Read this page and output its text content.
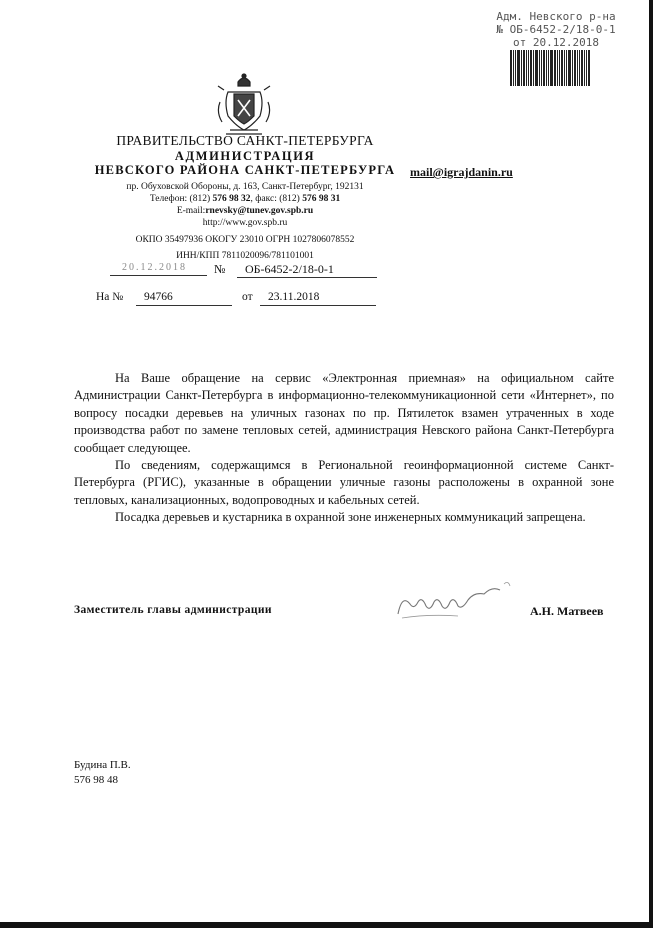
Адм. Невского р-на
№ ОБ-6452-2/18-0-1
от 20.12.2018
ПРАВИТЕЛЬСТВО САНКТ-ПЕТЕРБУРГА
АДМИНИСТРАЦИЯ
НЕВСКОГО РАЙОНА САНКТ-ПЕТЕРБУРГА
пр. Обуховской Обороны, д. 163, Санкт-Петербург, 192131
Телефон: (812) 576 98 32, факс: (812) 576 98 31
E-mail:rnevsky@tunev.gov.spb.ru
http://www.gov.spb.ru
ОКПО 35497936 ОКОГУ 23010 ОГРН 1027806078552
ИНН/КПП 7811020096/781101001
mail@igrajdanin.ru
20.12.2018	№	ОБ-6452-2/18-0-1
На №	94766	от	23.11.2018

На Ваше обращение на сервис «Электронная приемная» на официальном сайте Администрации Санкт-Петербурга в информационно-телекоммуникационной сети «Интернет», по вопросу посадки деревьев на уличных газонах по пр. Пятилеток взамен утраченных в ходе производства работ по замене тепловых сетей, администрация Невского района Санкт-Петербурга сообщает следующее.

По сведениям, содержащимся в Региональной геоинформационной системе Санкт-Петербурга (РГИС), указанные в обращении уличные газоны расположены в охранной зоне тепловых, канализационных, водопроводных и кабельных сетей.

Посадка деревьев и кустарника в охранной зоне инженерных коммуникаций запрещена.

Заместитель главы администрации	А.Н. Матвеев
Будина П.В.
576 98 48
